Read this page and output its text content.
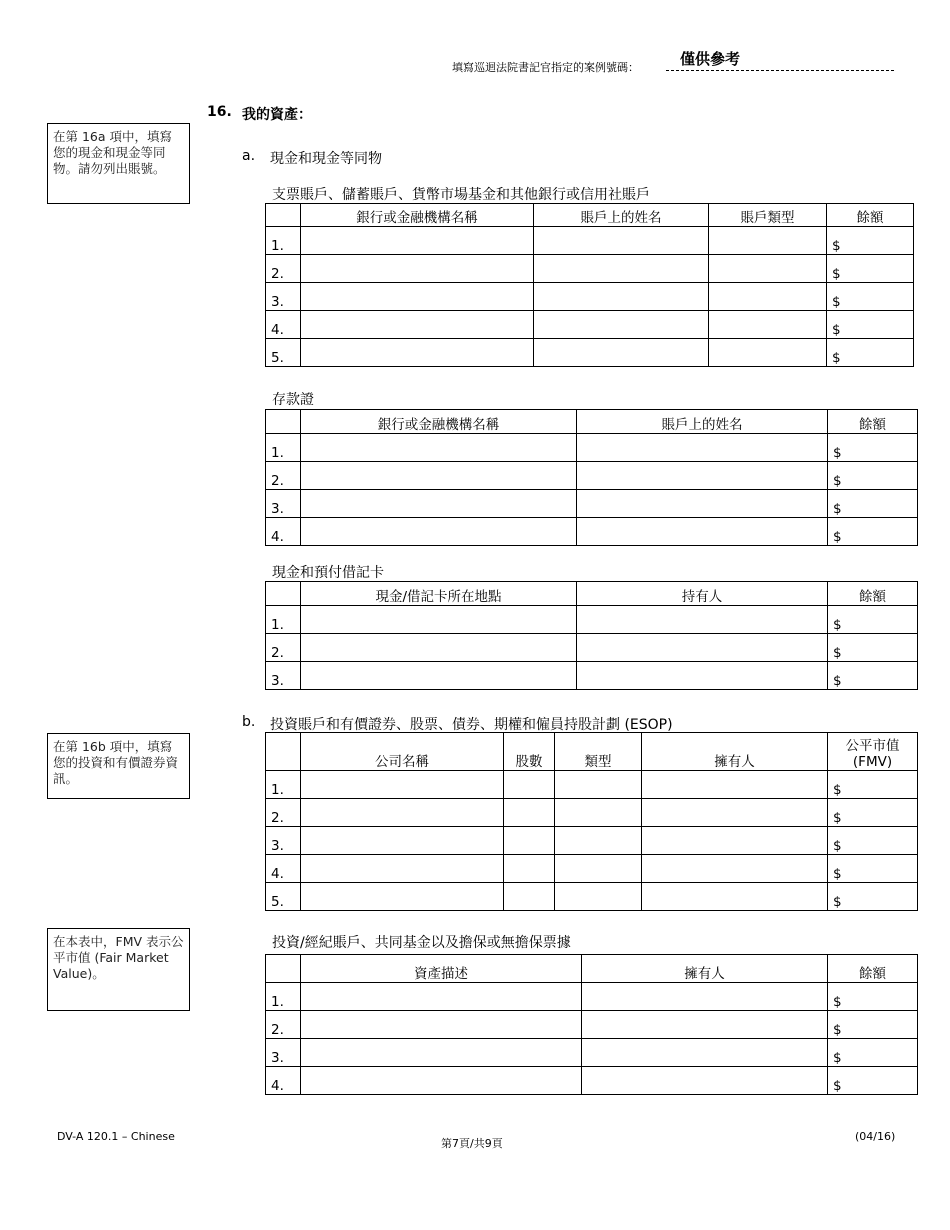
填寫巡迴法院書記官指定的案例號碼：	僅供參考
16. 我的資產：
在第 16a 項中，填寫您的現金和現金等同物。請勿列出賬號。
在第 16b 項中，填寫您的投資和有價證券資訊。
在本表中，FMV 表示公平市值 (Fair Market Value)。
a. 現金和現金等同物
支票賬戶、儲蓄賬戶、貨幣市場基金和其他銀行或信用社賬戶
	銀行或金融機構名稱	賬戶上的姓名	賬戶類型	餘額
1.				$
2.				$
3.				$
4.				$
5.				$
存款證
	銀行或金融機構名稱	賬戶上的姓名	餘額
1.			$
2.			$
3.			$
4.			$
現金和預付借記卡
	現金/借記卡所在地點	持有人	餘額
1.			$
2.			$
3.			$
b. 投資賬戶和有價證券、股票、債券、期權和僱員持股計劃 (ESOP)
	公司名稱	股數	類型	擁有人	公平市值
(FMV)

1.					$
2.					$
3.					$
4.					$
5.					$
投資/經紀賬戶、共同基金以及擔保或無擔保票據
	資產描述	擁有人	餘額
1.			$
2.			$
3.			$
4.			$
DV-A 120.1 – Chinese
第7頁/共9頁
(04/16)
